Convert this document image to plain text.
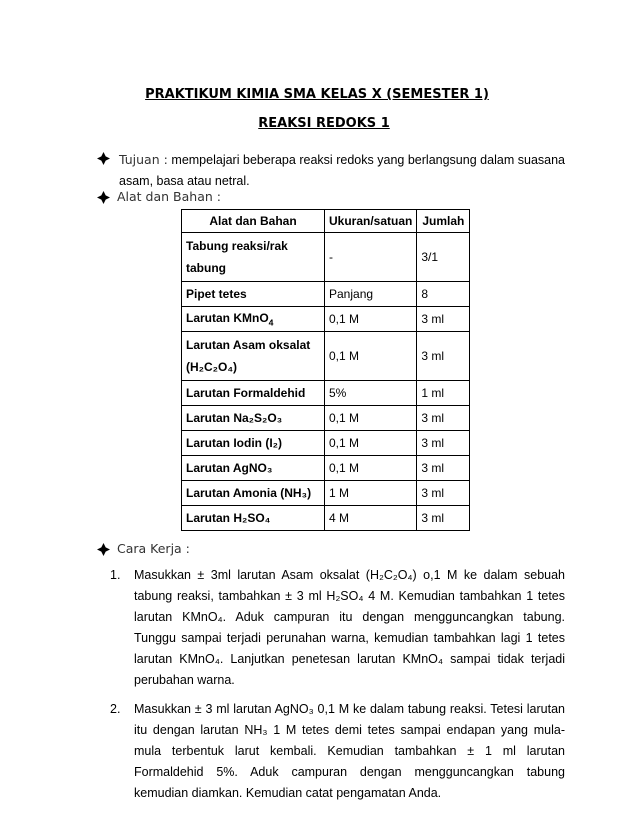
PRAKTIKUM KIMIA SMA KELAS X (SEMESTER 1)
REAKSI REDOKS 1
Tujuan : mempelajari beberapa reaksi redoks yang berlangsung dalam suasana asam, basa atau netral.
Alat dan Bahan :
Alat dan Bahan	Ukuran/satuan	Jumlah
Tabung reaksi/rak tabung	-	3/1
Pipet tetes	Panjang	8
Larutan KMnO$_4$	0,1 M	3 ml

Larutan Asam oksalat
(H₂C₂O₄)	0,1 M	3 ml
Larutan Formaldehid	5%	1 ml
Larutan Na₂S₂O₃	0,1 M	3 ml
Larutan Iodin (I₂)	0,1 M	3 ml
Larutan AgNO₃	0,1 M	3 ml
Larutan Amonia (NH₃)	1 M	3 ml
Larutan H₂SO₄	4 M	3 ml
Cara Kerja :
1. Masukkan ± 3ml larutan Asam oksalat (H₂C₂O₄) o,1 M ke dalam sebuah tabung reaksi, tambahkan ± 3 ml H₂SO₄ 4 M. Kemudian tambahkan 1 tetes larutan KMnO₄. Aduk campuran itu dengan mengguncangkan tabung. Tunggu sampai terjadi perunahan warna, kemudian tambahkan lagi 1 tetes larutan KMnO₄. Lanjutkan penetesan larutan KMnO₄ sampai tidak terjadi perubahan warna.
2. Masukkan ± 3 ml larutan AgNO₃ 0,1 M ke dalam tabung reaksi. Tetesi larutan itu dengan larutan NH₃ 1 M tetes demi tetes sampai endapan yang mula-mula terbentuk larut kembali. Kemudian tambahkan ± 1 ml larutan Formaldehid 5%. Aduk campuran dengan mengguncangkan tabung kemudian diamkan. Kemudian catat pengamatan Anda.
